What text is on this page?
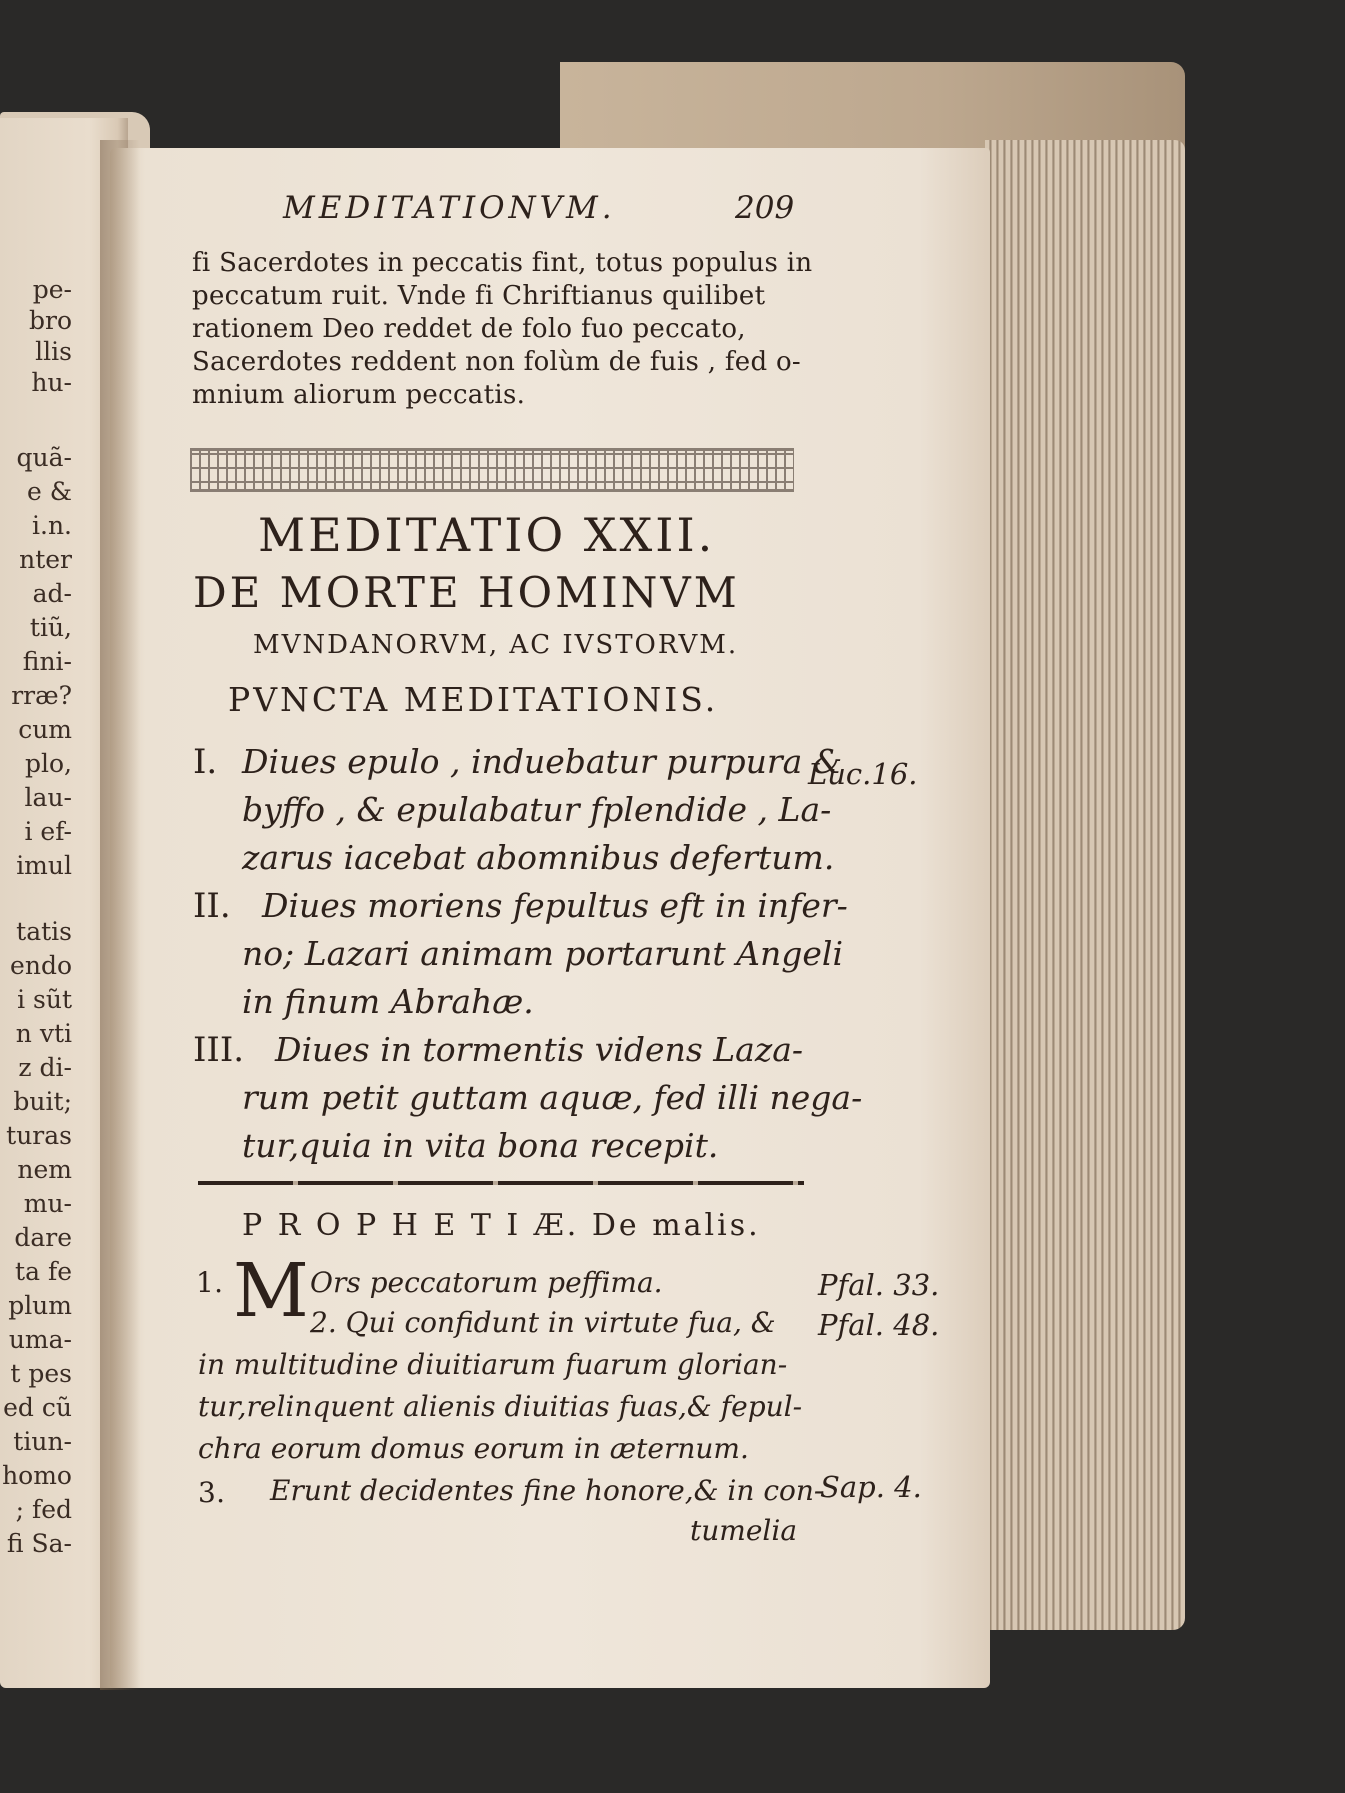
pe-
bro
llis
hu-
quã-
e &
i.n.
nter
ad-
tiũ,
fini-
rræ?
cum
plo,
lau-
i ef-
imul
tatis
endo
i sũt
n vti
z di-
buit;
turas
nem
mu-
dare
ta fe
plum
uma-
t pes
ed cũ
tiun-
homo
; fed
fi Sa-
MEDITATIONVM.	209
fi Sacerdotes in peccatis fint, totus populus in
peccatum ruit. Vnde fi Chriftianus quilibet
rationem Deo reddet de folo fuo peccato,
Sacerdotes reddent non folùm de fuis , fed o-
mnium aliorum peccatis.
MEDITATIO XXII.
DE MORTE HOMINVM
MVNDANORVM, AC IVSTORVM.
PVNCTA MEDITATIONIS.
I. Diues epulo , induebatur purpura &
byffo , & epulabatur fplendide , La-
zarus iacebat abomnibus defertum.
Luc.16.
II. Diues moriens fepultus eft in infer-
no; Lazari animam portarunt Angeli
in finum Abrahæ.
III. Diues in tormentis videns Laza-
rum petit guttam aquæ, fed illi nega-
tur,quia in vita bona recepit.
P R O P H E T I Æ. De malis.
1. M Ors peccatorum peffima.	Pfal. 33.
2. Qui confidunt in virtute fua, & Pfal. 48.
in multitudine diuitiarum fuarum glorian-
tur,relinquent alienis diuitias fuas,& fepul-
chra eorum domus eorum in æternum.
3. Erunt decidentes fine honore,& in con-
Sap. 4.
tumelia
